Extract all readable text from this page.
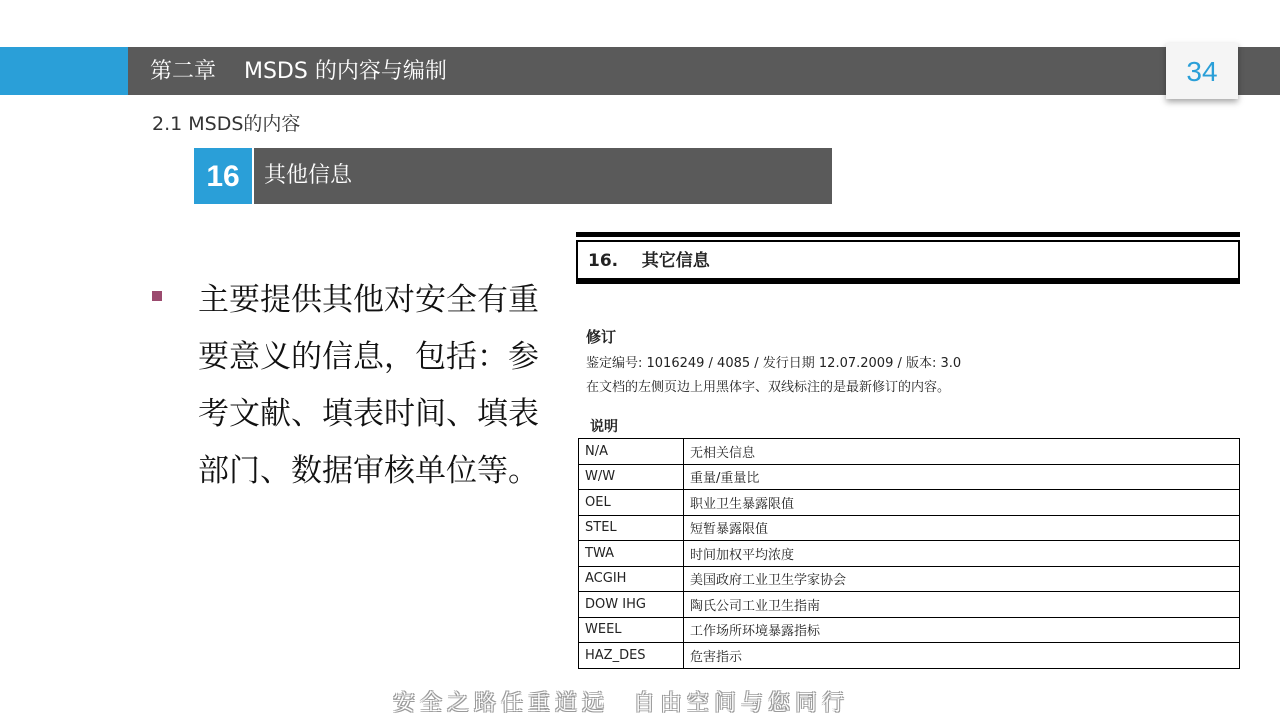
第二章    MSDS 的内容与编制	34
2.1 MSDS的内容
16	其他信息
主要提供其他对安全有重要意义的信息，包括：参考文献、填表时间、填表部门、数据审核单位等。
16.    其它信息
修订
鉴定编号: 1016249 / 4085 / 发行日期 12.07.2009 / 版本: 3.0
在文档的左侧页边上用黑体字、双线标注的是最新修订的内容。
说明
N/A	无相关信息
W/W	重量/重量比
OEL	职业卫生暴露限值
STEL	短暂暴露限值
TWA	时间加权平均浓度
ACGIH	美国政府工业卫生学家协会
DOW IHG	陶氏公司工业卫生指南
WEEL	工作场所环境暴露指标
HAZ_DES	危害指示
安全之路任重道远  自由空间与您同行
